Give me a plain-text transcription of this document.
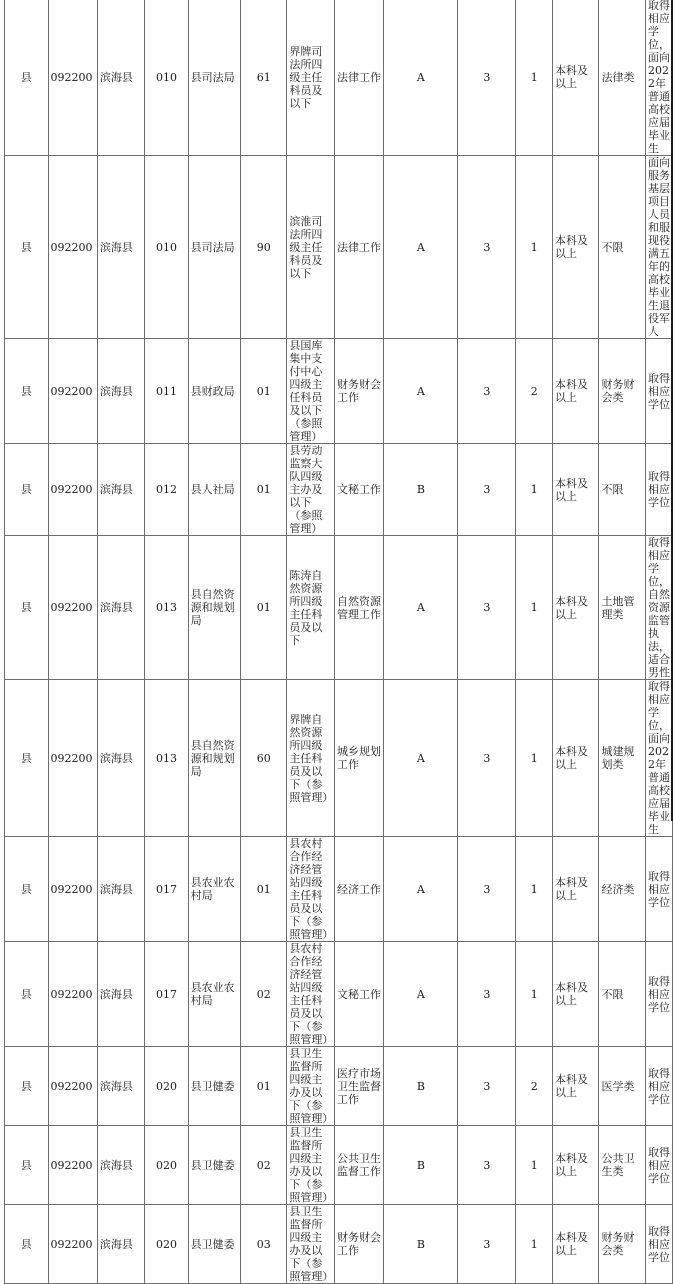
县	092200	滨海县	010	县司法局	61	界牌司法所四级主任科员及以下	法律工作	A	3	1	本科及以上	法律类	取得相应学位，面向2022年普通高校应届毕业生
县	092200	滨海县	010	县司法局	90	滨淮司法所四级主任科员及以下	法律工作	A	3	1	本科及以上	不限	面向服务基层项目人员和服现役满五年的高校毕业生退役军人
县	092200	滨海县	011	县财政局	01	县国库集中支付中心四级主任科员及以下（参照管理）	财务财会工作	A	3	2	本科及以上	财务财会类	取得相应学位
县	092200	滨海县	012	县人社局	01	县劳动监察大队四级主办及以下（参照管理）	文秘工作	B	3	1	本科及以上	不限	取得相应学位
县	092200	滨海县	013	县自然资源和规划局	01	陈涛自然资源所四级主任科员及以下	自然资源管理工作	A	3	1	本科及以上	土地管理类	取得相应学位，自然资源监管执法，适合男性
县	092200	滨海县	013	县自然资源和规划局	60	界牌自然资源所四级主任科员及以下（参照管理）	城乡规划工作	A	3	1	本科及以上	城建规划类	取得相应学位，面向2022年普通高校应届毕业生
县	092200	滨海县	017	县农业农村局	01	县农村合作经济经管站四级主任科员及以下（参照管理）	经济工作	A	3	1	本科及以上	经济类	取得相应学位
县	092200	滨海县	017	县农业农村局	02	县农村合作经济经管站四级主任科员及以下（参照管理）	文秘工作	A	3	1	本科及以上	不限	取得相应学位
县	092200	滨海县	020	县卫健委	01	县卫生监督所四级主办及以下（参照管理）	医疗市场卫生监督工作	B	3	2	本科及以上	医学类	取得相应学位
县	092200	滨海县	020	县卫健委	02	县卫生监督所四级主办及以下（参照管理）	公共卫生监督工作	B	3	1	本科及以上	公共卫生类	取得相应学位
县	092200	滨海县	020	县卫健委	03	县卫生监督所四级主办及以下（参照管理）	财务财会工作	B	3	1	本科及以上	财务财会类	取得相应学位
